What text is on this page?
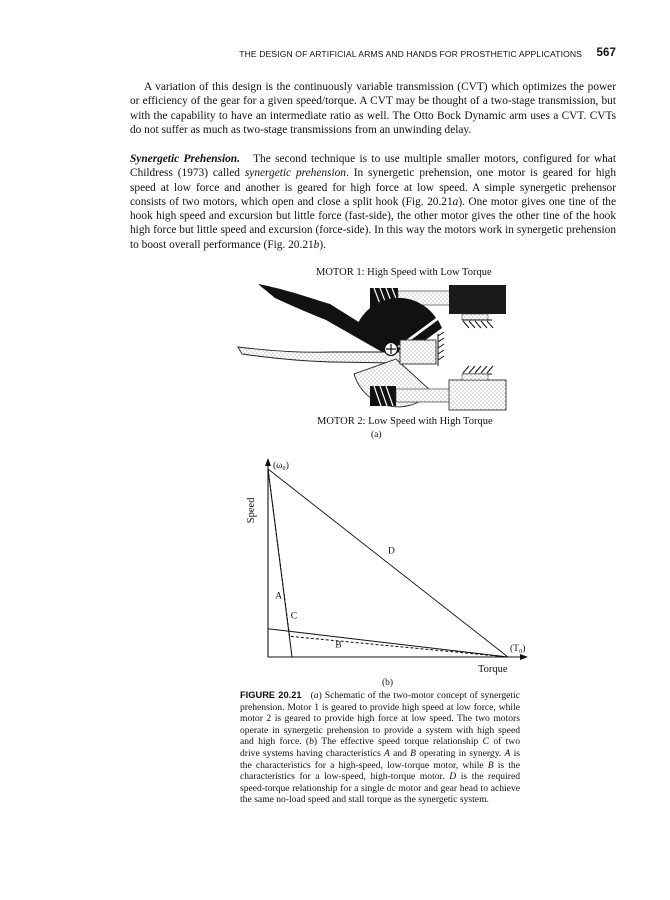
THE DESIGN OF ARTIFICIAL ARMS AND HANDS FOR PROSTHETIC APPLICATIONS 567

A variation of this design is the continuously variable transmission (CVT) which optimizes the power or efficiency of the gear for a given speed/torque. A CVT may be thought of a two-stage transmission, but with the capability to have an intermediate ratio as well. The Otto Bock Dynamic arm uses a CVT. CVTs do not suffer as much as two-stage transmissions from an unwinding delay.

Synergetic Prehension. The second technique is to use multiple smaller motors, configured for what Childress (1973) called synergetic prehension. In synergetic prehension, one motor is geared for high speed at low force and another is geared for high force at low speed. A simple synergetic prehensor consists of two motors, which open and close a split hook (Fig. 20.21a). One motor gives one tine of the hook high speed and excursion but little force (fast-side), the other motor gives the other tine of the hook high force but little speed and excursion (force-side). In this way the motors work in synergetic prehension to boost overall performance (Fig. 20.21b).

MOTOR 1: High Speed with Low Torque
MOTOR 2: Low Speed with High Torque
(a)
Speed
(ω₀)
Torque
(T₀)
A
B
C
D
(b)

FIGURE 20.21 (a) Schematic of the two-motor concept of synergetic prehension. Motor 1 is geared to provide high speed at low force, while motor 2 is geared to provide high force at low speed. The two motors operate in synergetic prehension to provide a system with high speed and high force. (b) The effective speed torque relationship C of two drive systems having characteristics A and B operating in synergy. A is the characteristics for a high-speed, low-torque motor, while B is the characteristics for a low-speed, high-torque motor. D is the required speed-torque relationship for a single dc motor and gear head to achieve the same no-load speed and stall torque as the synergetic system.
